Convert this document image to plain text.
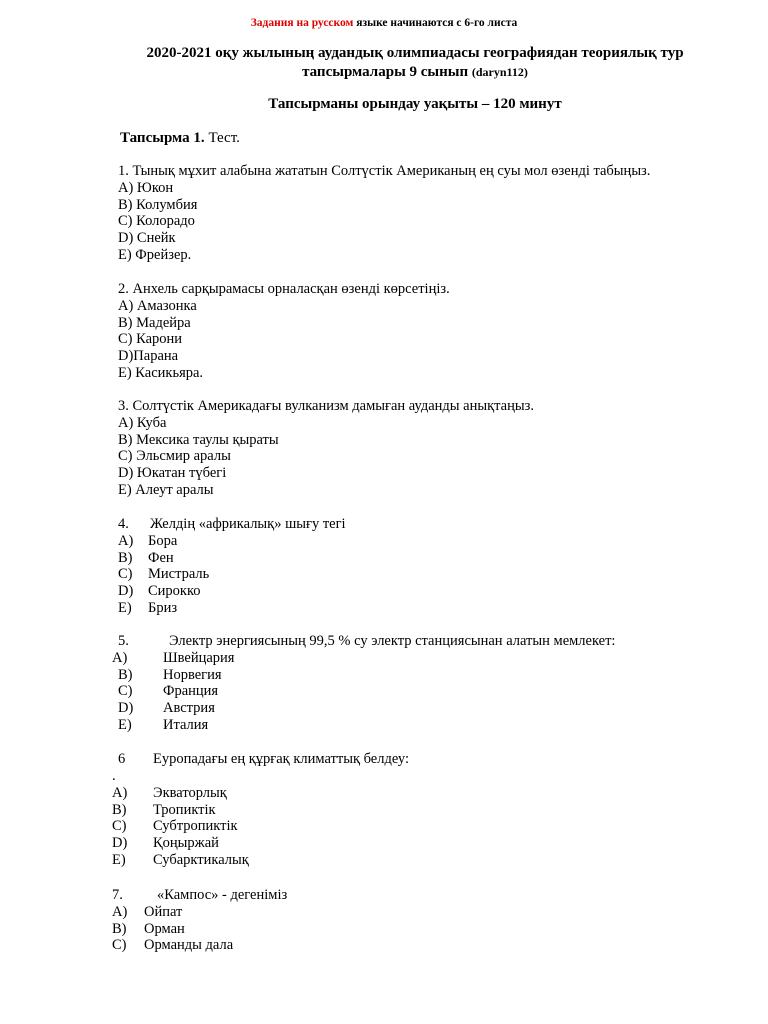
Задания на русском языке начинаются с 6-го листа
2020-2021 оқу жылының аудандық олимпиадасы географиядан теориялық тур
тапсырмалары 9 сынып (daryn112)
Тапсырманы орындау уақыты – 120 минут
Тапсырма 1. Тест.
1. Тынық мұхит алабына жататын Солтүстік Американың ең суы мол өзенді табыңыз.
A) Юкон
B) Колумбия
C) Колорадо
D) Снейк
E) Фрейзер.
2. Анхель сарқырамасы орналасқан өзенді көрсетіңіз.
A) Амазонка
B) Мадейра
C) Карони
D)Парана
E) Касикьяра.
3. Солтүстік Америкадағы вулканизм дамыған ауданды анықтаңыз.
A) Куба
B) Мексика таулы қыраты
C) Эльсмир аралы
D) Юкатан түбегі
E) Алеут аралы
4.	Желдің «африкалық» шығу тегі
A)	Бора
B)	Фен
C)	Мистраль
D)	Сирокко
E)	Бриз
5.	Электр энергиясының 99,5 % су электр станциясынан алатын мемлекет:
A)	Швейцария
B)	Норвегия
C)	Франция
D)	Австрия
E)	Италия
6	Еуропадағы ең құрғақ климаттық белдеу:
.
A)	Экваторлық
B)	Тропиктік
C)	Субтропиктік
D)	Қоңыржай
E)	Субарктикалық
7.	«Кампос» - дегеніміз
A)	Ойпат
B)	Орман
C)	Орманды дала
